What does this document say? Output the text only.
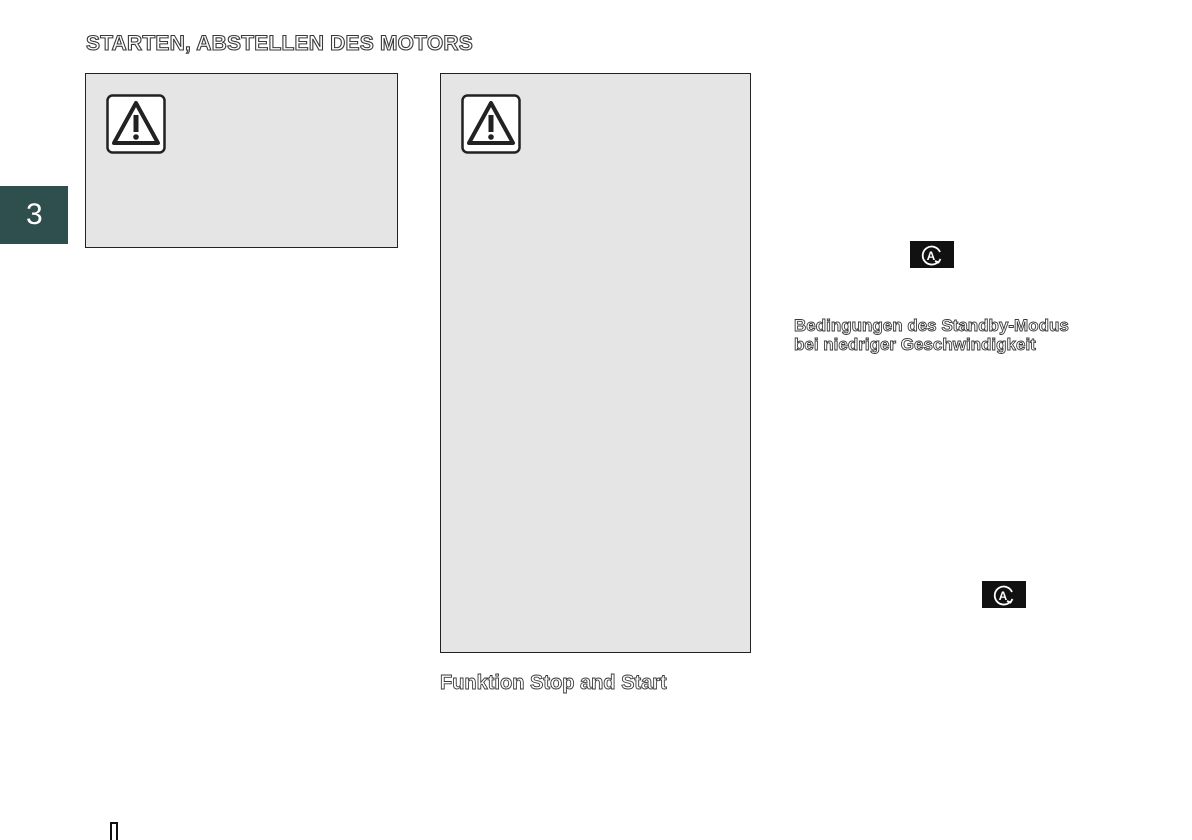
STARTEN, ABSTELLEN DES MOTORS
3
Funktion Stop and Start
Bedingungen des Standby-Modus
bei niedriger Geschwindigkeit
A
A
